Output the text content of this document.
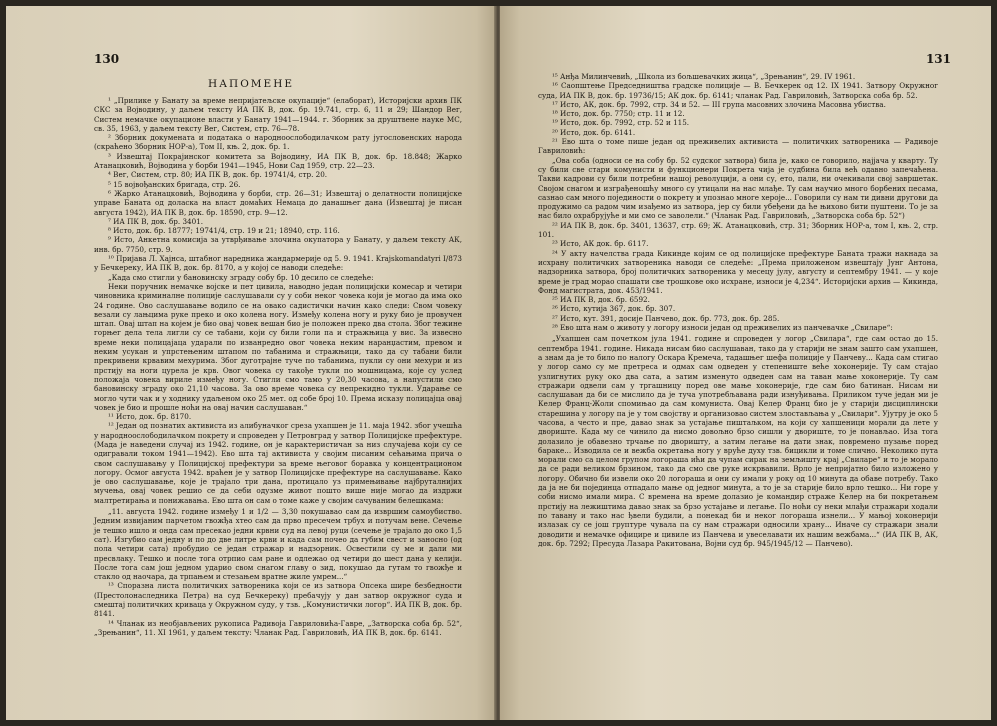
130
НАПОМЕНЕ

¹ „Прилике у Банату за време непријатељске окупације“ (елаборат), Историјски архив ПК СКС за Војводину, у даљем тексту ИА ПК В, док. бр. 19.741, стр. 6, 11 и 29; Шандор Вег, Систем немачке окупационе власти у Банату 1941—1944. г. Зборник за друштвене науке МС, св. 35, 1963, у даљем тексту Вег, Систем, стр. 76—78.

² Зборник докумената и података о народноослободилачком рату југословенских народа (скраћено Зборник НОР-а), Том II, књ. 2, док. бр. 1.

³ Извештај Покрајинског комитета за Војводину, ИА ПК В, док. бр. 18.848; Жарко Атанацковић, Војводина у борби 1941—1945, Нови Сад 1959, стр. 22—23.

⁴ Вег, Систем, стр. 80; ИА ПК В, док. бр. 19741/4, стр. 20.

⁵ 15 војвођанских бригада, стр. 26.

⁶ Жарко Атанацковић, Војводина у борби, стр. 26—31; Извештај о делатности полицијске управе Баната од доласка на власт домаћих Немаца до данашњег дана (Извештај је писан августа 1942), ИА ПК В, док. бр. 18590, стр. 9—12.

⁷ ИА ПК В, док. бр. 3401.

⁸ Исто, док. бр. 18777; 19741/4, стр. 19 и 21; 18940, стр. 116.

⁹ Исто, Анкетна комисија за утврђивање злочина окупатора у Банату, у даљем тексту АК, инв. бр. 7750, стр. 9.

¹⁰ Пријава Л. Хајнса, штабног наредника жандармерије од 5. 9. 1941. Krajskomandatyri I/873 у Бечкереку, ИА ПК В, док. бр. 8170, а у којој се наводи следеће:

„Када смо стигли у бановинску зграду собу бр. 10 десило се следеће:

Неки поручник немачке војске и пет цивила, наводно један полицијски комесар и четири чиновника криминалне полиције саслушавали су у соби неког човека који је могао да има око 24 године. Ово саслушавање водило се на овако садистички начин како следи: Свом човеку везали су лањцима руке преко и око колена ногу. Између колена ногу и руку био је провучен штап. Овај штап на којем је био овај човек вешан био је положен преко два стола. Због тежине горњег дела тела лигли су се табани, који су били голи па и стражњица у вис. За извесно време неки полицајаца ударали по изванредно овог човека неким наранџастим, превом и неким усукан и упрстењеним штапом по табанима и стражњици, тако да су табани били прекривени крвавим мехурима. Због дуготрајне тучe по табанима, пукли су они мехури и из прстију на ноги цурела је крв. Овог човека су такође тукли по мошницама, које су услед положаја човека вириле између ногу. Стигли смо тамо у 20,30 часова, а напустили смо бановинску зграду око 21,10 часова. За ово време човека су непрекидно тукли. Ударање се могло чути чак и у ходнику удаљеном око 25 мет. од собе број 10. Према исказу полицајца овај човек је био и прошле ноћи на овај начин саслушаван.“

¹¹ Исто, док. бр. 8170.

¹² Један од познатих активиста из алибуначког среза ухапшен је 11. маја 1942. због учешћа у народноослободилачком покрету и спроведен у Петровград у затвор Полицијске префектуре. (Мада је наведени случај из 1942. године, он је карактеристичан за низ случајева који су се одигравали током 1941—1942). Ево шта тај активиста у својим писаним сећањима прича о свом саслушавању у Полицијској префектури за време његовог боравка у концентрационом логору. Осмог августа 1942. враћен је у затвор Полицијске префектуре на саслушавање. Како је ово саслушавање, које је трајало три дана, протицало уз примењивање најбруталнијих мучења, овај човек решио се да себи одузме живот пошто више није могао да издржи малтретирања и понижавања. Ево шта он сам о томе каже у својим сачуваним белешкама:

„11. августа 1942. године између 1 и 1/2 — 3,30 покушавао сам да извршим самоубиство. Једним извијаним парчетом гвожђа хтео сам да прво пресечем трбух и потучам вене. Сечење је тешко ишло и онда сам пресекао једни крвни суд на левој руци (сечење је трајало до око 1,5 сат). Изгубио сам једну и по до две литре крви и када сам почео да губим свест и заносно (од пола четири сата) пробудио се један стражар и надзорник. Освестили су ме и дали ми пресвлаку. Тешко и после тога отрпио сам ране и одлежао од четири до шест дана у келији. После тога сам још једном ударио свом снагом главу о зид, покушао да гутам то гвожђе и стакло од наочара, да трпањем и стезањем вратне жиле умрем...“

¹³ Споразна листа политичких затвореника који се из затвора Опсека шире безбедности (Престолонаследника Петра) на суд Бечкереку) пребачују у дан затвор окружног суда и смештај политичких криваца у Окружном суду, у тзв. „Комунистички логор“. ИА ПК В, док. бр. 8141.

¹⁴ Чланак из необјављених рукописа Радивоја Гавриловића-Гавре, „Затворска соба бр. 52“, „Зрењанин“, 11. XI 1961, у даљем тексту: Чланак Рад. Гавриловић, ИА ПК В, док. бр. 6141.

131

¹⁵ Анђа Милинчевић, „Школа из бољшевачких жица“, „Зрењанин“, 29. IV 1961.

¹⁶ Саопштење Председништва градске полиције — В. Бечкерек од 12. IX 1941. Затвору Окружног суда, ИА ПК В, док. бр. 19736/15; АК док. бр. 6141; чланак Рад. Гавриловић, Затворска соба бр. 52.

¹⁷ Исто, АК, док. бр. 7992, стр. 34 и 52. — III група масовних злочина Масовна убиства.

¹⁸ Исто, док. бр. 7750; стр. 11 и 12.

¹⁹ Исто, док. бр. 7992, стр. 52 и 115.

²⁰ Исто, док. бр. 6141.

²¹ Ево шта о томе пише један од преживелих активиста — политичких затвореника — Радивоје Гавриловић:

„Ова соба (односи се на собу бр. 52 судског затвора) била је, како се говорило, најјача у кварту. Ту су били све стари комунисти и функционери Покрета чија је судбина била већ одавно запечаћена. Такви кадрови су били потребни нашој револуцији, а они су, ето, пали, ни очекивали свој завршетак. Својом снагом и изграђеношћу много су утицали на нас млађе. Ту сам научио много борбених песама, сазнао сам много појединости о покрету и упознао многе хероје... Говорили су нам ти дивни другови да продужимо са радом чим изађемо из затвора, јер су били убеђени да ће њихово бити пуштени. То је за нас било охрабрујуће и ми смо се заволели.“ (Чланак Рад. Гавриловић, „Затворска соба бр. 52“)

²² ИА ПК В, док. бр. 3401, 13637, стр. 69; Ж. Атанацковић, стр. 31; Зборник НОР-а, том I, књ. 2, стр. 101.

²³ Исто, АК док. бр. 6117.

²⁴ У акту начелства града Кикинде којим се од полицијске префектуре Баната тражи накнада за исхрану политичких затвореника наводи се следеће: „Према приложеном извештају Јунг Антона, надзорника затвора, број политичких затвореника у месецу јулу, августу и септембру 1941. — у које време је град морао спашати све трошкове око исхране, износи је 4,234“. Историјски архив — Кикинда, Фонд магистрата, док. 453/1941.

²⁵ ИА ПК В, док. бр. 6592.

²⁶ Исто, кутија 367, док. бр. 307.

²⁷ Исто, кут. 391, досије Панчево, док. бр. 773, док. бр. 285.

²⁸ Ево шта нам о животу у логору износи један од преживелих из панчевачке „Свиларе“:

„Ухапшен сам почетком јула 1941. године и спроведен у логор „Свилара“, где сам остао до 15. септембра 1941. године. Никада нисам био саслушаван, тако да у старији не знам зашто сам ухапшен, а знам да је то било по налогу Оскара Кремеча, тадашњег шефа полиције у Панчеву... Када сам стигао у логор само су ме претреса и одмах сам одведен у степениште веће хоконерије. Ту сам стајао узлигнутих руку око два сата, а затим изменуто одведен сам на таван мање хоконерије. Ту сам стражари одвели сам у тргашницу поред ове мање хоконерије, где сам био батинан. Нисам ни саслушаван да би се мислило да је туча употребљавана ради изнуђивања. Приликом туче један ми је Келер Франц-Жоли спомињао да сам комуниста. Овај Келер Франц био је у старији дисциплински старешина у логору па је у том својству и организовао систем злостављања у „Свилари“. Ујутру је око 5 часова, а често и пре, давао знак за устајање пиштаљком, на који су хапшеници морали да лете у двориште. Када му се чинило да нисмо довољно брзо сишли у двориште, то је понављао. Иза тога долазило је обавезно трчање по дворишту, а затим легање на дати знак, повремено пузање поред бараке... Изводила се и вежба окретања ногу у вруће духу тзв. бицикли и томе слично. Неколико пута морали смо са целом групом логораша ићи да чупам сирак на земљишту крај „Свиларе“ и то је морало да се ради великом брзином, тако да смо све руке искрвавили. Врло је непријатно било изложено у логору. Обично би извели око 20 логораша и они су имали у року од 10 минута да обаве потребу. Тако да ја не би појединца отпадало мање од једног минута, а то је за старије било врло тешко... Ни горе у соби нисмо имали мира. С времена на време долазио је командир страже Келер на би покретањем прстију на лежиштима давао знак за брзо устајање и легање. По ноћи су неки млађи стражари ходали по тавану и тако нас ђвели будили, а понекад би и неког логораша изнели... У мањој хоконерији излазак су се још груптуре чувала па су нам стражари односили храну... Иначе су стражари знали доводити и немачке официре и цивиле из Панчева и увеселавати их нашим вежбама...“ (ИА ПК В, АК, док. бр. 7292; Пресуда Лазара Ракитована, Војни суд бр. 945/1945/12 — Панчево).
